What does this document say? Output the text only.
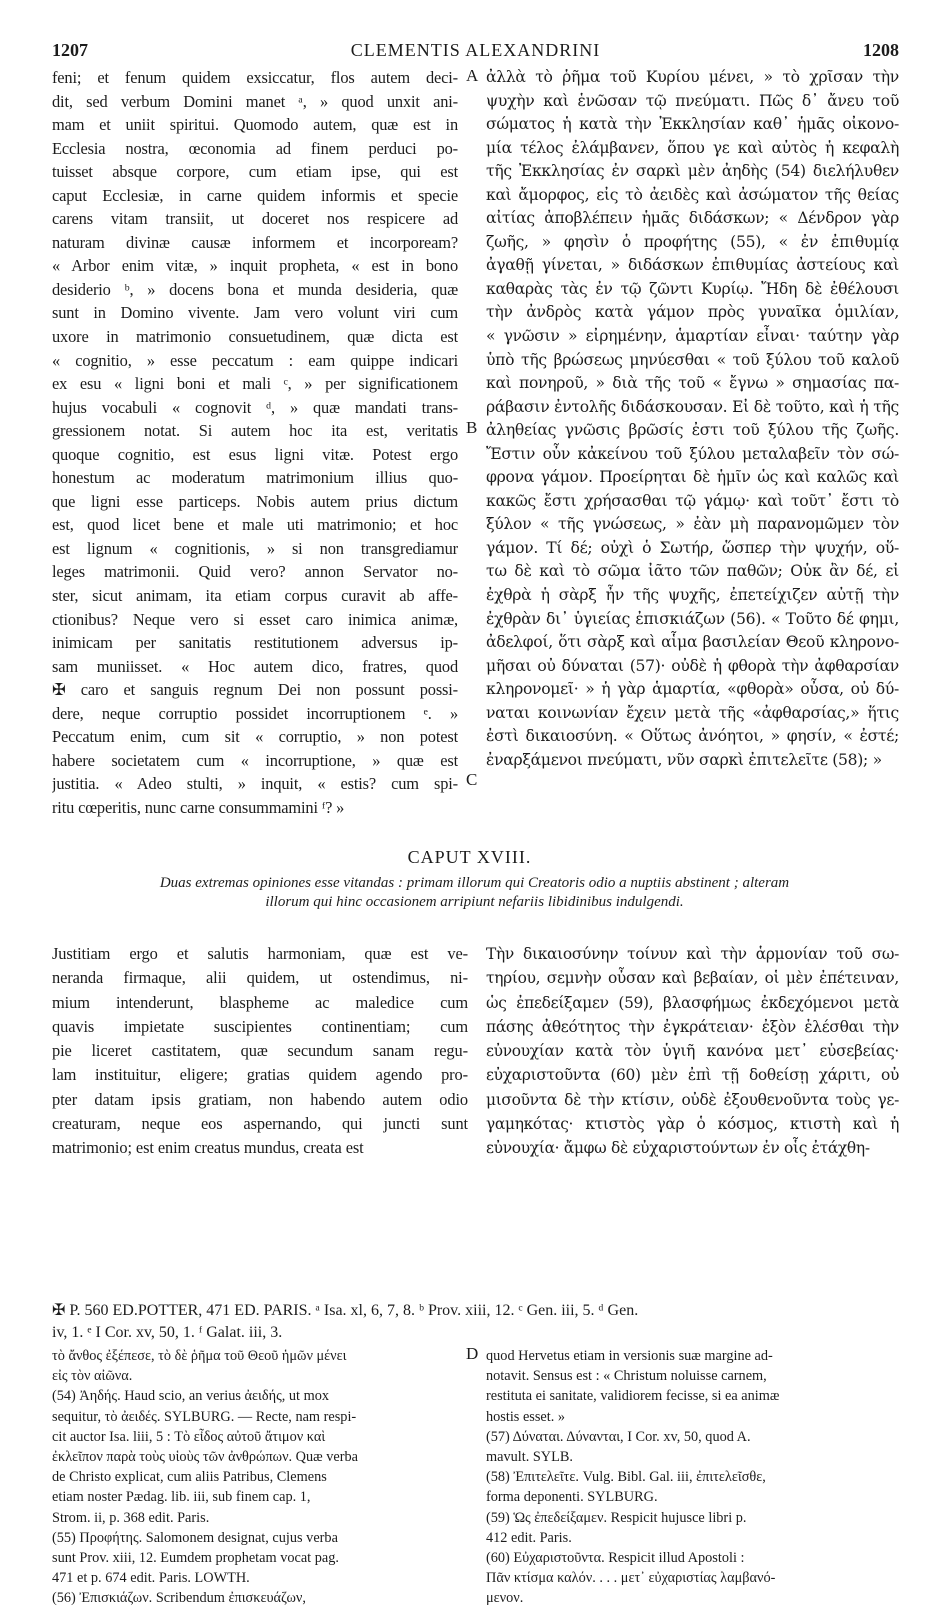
1207	CLEMENTIS ALEXANDRINI	1208
feni; et fenum quidem exsiccatur, flos autem deci-
dit, sed verbum Domini manet ᵃ, » quod unxit ani-
mam et uniit spiritui. Quomodo autem, quæ est in
Ecclesia nostra, œconomia ad finem perduci po-
tuisset absque corpore, cum etiam ipse, qui est
caput Ecclesiæ, in carne quidem informis et specie
carens vitam transiit, ut doceret nos respicere ad
naturam divinæ causæ informem et incorpoream?
« Arbor enim vitæ, » inquit propheta, « est in bono
desiderio ᵇ, » docens bona et munda desideria, quæ
sunt in Domino vivente. Jam vero volunt viri cum
uxore in matrimonio consuetudinem, quæ dicta est
« cognitio, » esse peccatum : eam quippe indicari
ex esu « ligni boni et mali ᶜ, » per significationem
hujus vocabuli « cognovit ᵈ, » quæ mandati trans-
gressionem notat. Si autem hoc ita est, veritatis
quoque cognitio, est esus ligni vitæ. Potest ergo
honestum ac moderatum matrimonium illius quo-
que ligni esse particeps. Nobis autem prius dictum
est, quod licet bene et male uti matrimonio; et hoc
est lignum « cognitionis, » si non transgrediamur
leges matrimonii. Quid vero? annon Servator no-
ster, sicut animam, ita etiam corpus curavit ab affe-
ctionibus? Neque vero si esset caro inimica animæ,
inimicam per sanitatis restitutionem adversus ip-
sam muniisset. « Hoc autem dico, fratres, quod
✠ caro et sanguis regnum Dei non possunt possi-
dere, neque corruptio possidet incorruptionem ᵉ. »
Peccatum enim, cum sit « corruptio, » non potest
habere societatem cum « incorruptione, » quæ est
justitia. « Adeo stulti, » inquit, « estis? cum spi-
ritu cœperitis, nunc carne consummamini ᶠ? »
ἀλλὰ τὸ ῥῆμα τοῦ Κυρίου μένει, » τὸ χρῖσαν τὴν
ψυχὴν καὶ ἑνῶσαν τῷ πνεύματι. Πῶς δ᾽ ἄνευ τοῦ
σώματος ἡ κατὰ τὴν Ἐκκλησίαν καθ᾽ ἡμᾶς οἰκονο-
μία τέλος ἐλάμβανεν, ὅπου γε καὶ αὐτὸς ἡ κεφαλὴ
τῆς Ἐκκλησίας ἐν σαρκὶ μὲν ἀηδὴς (54) διελήλυθεν
καὶ ἄμορφος, εἰς τὸ ἀειδὲς καὶ ἀσώματον τῆς θείας
αἰτίας ἀποβλέπειν ἡμᾶς διδάσκων; « Δένδρον γὰρ
ζωῆς, » φησὶν ὁ προφήτης (55), « ἐν ἐπιθυμίᾳ
ἀγαθῇ γίνεται, » διδάσκων ἐπιθυμίας ἀστείους καὶ
καθαρὰς τὰς ἐν τῷ ζῶντι Κυρίῳ. Ἤδη δὲ ἐθέλουσι
τὴν ἀνδρὸς κατὰ γάμον πρὸς γυναῖκα ὁμιλίαν,
« γνῶσιν » εἰρημένην, ἁμαρτίαν εἶναι· ταύτην γὰρ
ὑπὸ τῆς βρώσεως μηνύεσθαι « τοῦ ξύλου τοῦ καλοῦ
καὶ πονηροῦ, » διὰ τῆς τοῦ « ἔγνω » σημασίας πα-
ράβασιν ἐντολῆς διδάσκουσαν. Εἰ δὲ τοῦτο, καὶ ἡ τῆς
ἀληθείας γνῶσις βρῶσίς ἐστι τοῦ ξύλου τῆς ζωῆς.
Ἔστιν οὖν κἀκείνου τοῦ ξύλου μεταλαβεῖν τὸν σώ-
φρονα γάμον. Προείρηται δὲ ἡμῖν ὡς καὶ καλῶς καὶ
κακῶς ἔστι χρήσασθαι τῷ γάμῳ· καὶ τοῦτ᾽ ἔστι τὸ
ξύλον « τῆς γνώσεως, » ἐὰν μὴ παρανομῶμεν τὸν
γάμον. Τί δέ; οὐχὶ ὁ Σωτήρ, ὥσπερ τὴν ψυχήν, οὕ-
τω δὲ καὶ τὸ σῶμα ἰᾶτο τῶν παθῶν; Οὐκ ἂν δέ, εἰ
ἐχθρὰ ἡ σὰρξ ἦν τῆς ψυχῆς, ἐπετείχιζεν αὐτῇ τὴν
ἐχθρὰν δι᾽ ὑγιείας ἐπισκιάζων (56). « Τοῦτο δέ φημι,
ἀδελφοί, ὅτι σὰρξ καὶ αἷμα βασιλείαν Θεοῦ κληρονο-
μῆσαι οὐ δύναται (57)· οὐδὲ ἡ φθορὰ τὴν ἀφθαρσίαν
κληρονομεῖ· » ἡ γὰρ ἁμαρτία, «φθορὰ» οὖσα, οὐ δύ-
ναται κοινωνίαν ἔχειν μετὰ τῆς «ἀφθαρσίας,» ἥτις
ἐστὶ δικαιοσύνη. « Οὕτως ἀνόητοι, » φησίν, « ἐστέ;
ἐναρξάμενοι πνεύματι, νῦν σαρκὶ ἐπιτελεῖτε (58); »
A
B
C
CAPUT XVIII.
Duas extremas opiniones esse vitandas : primam illorum qui Creatoris odio a nuptiis abstinent ; alteram
illorum qui hinc occasionem arripiunt nefariis libidinibus indulgendi.
Justitiam ergo et salutis harmoniam, quæ est ve-
neranda firmaque, alii quidem, ut ostendimus, ni-
mium intenderunt, blaspheme ac maledice cum
quavis impietate suscipientes continentiam; cum
pie liceret castitatem, quæ secundum sanam regu-
lam instituitur, eligere; gratias quidem agendo pro-
pter datam ipsis gratiam, non habendo autem odio
creaturam, neque eos aspernando, qui juncti sunt
matrimonio; est enim creatus mundus, creata est
Τὴν δικαιοσύνην τοίνυν καὶ τὴν ἁρμονίαν τοῦ σω-
τηρίου, σεμνὴν οὖσαν καὶ βεβαίαν, οἱ μὲν ἐπέτειναν,
ὡς ἐπεδείξαμεν (59), βλασφήμως ἐκδεχόμενοι μετὰ
πάσης ἀθεότητος τὴν ἐγκράτειαν· ἐξὸν ἑλέσθαι τὴν
εὐνουχίαν κατὰ τὸν ὑγιῆ κανόνα μετ᾽ εὐσεβείας·
εὐχαριστοῦντα (60) μὲν ἐπὶ τῇ δοθείσῃ χάριτι, οὐ
μισοῦντα δὲ τὴν κτίσιν, οὐδὲ ἐξουθενοῦντα τοὺς γε-
γαμηκότας· κτιστὸς γὰρ ὁ κόσμος, κτιστὴ καὶ ἡ
εὐνουχία· ἄμφω δὲ εὐχαριστούντων ἐν οἷς ἐτάχθη-
✠ P. 560 ED.POTTER, 471 ED. PARIS. ᵃ Isa. xl, 6, 7, 8. ᵇ Prov. xiii, 12. ᶜ Gen. iii, 5. ᵈ Gen.
iv, 1. ᵉ I Cor. xv, 50, 1. ᶠ Galat. iii, 3.
τὸ ἄνθος ἐξέπεσε, τὸ δὲ ῥῆμα τοῦ Θεοῦ ἡμῶν μένει
εἰς τὸν αἰῶνα.
(54) Ἀηδής. Haud scio, an verius ἀειδής, ut mox
sequitur, τὸ ἀειδές. SYLBURG. — Recte, nam respi-
cit auctor Isa. liii, 5 : Τὸ εἶδος αὐτοῦ ἄτιμον καὶ
ἐκλεῖπον παρὰ τοὺς υἱοὺς τῶν ἀνθρώπων. Quæ verba
de Christo explicat, cum aliis Patribus, Clemens
etiam noster Pædag. lib. iii, sub finem cap. 1,
Strom. ii, p. 368 edit. Paris.
(55) Προφήτης. Salomonem designat, cujus verba
sunt Prov. xiii, 12. Eumdem prophetam vocat pag.
471 et p. 674 edit. Paris. LOWTH.
(56) Ἐπισκιάζων. Scribendum ἐπισκευάζων,
D quod Hervetus etiam in versionis suæ margine ad-
notavit. Sensus est : « Christum noluisse carnem,
restituta ei sanitate, validiorem fecisse, si ea animæ
hostis esset. »
(57) Δύναται. Δύνανται, I Cor. xv, 50, quod A.
mavult. SYLB.
(58) Ἐπιτελεῖτε. Vulg. Bibl. Gal. iii, ἐπιτελεῖσθε,
forma deponenti. SYLBURG.
(59) Ὡς ἐπεδείξαμεν. Respicit hujusce libri p.
412 edit. Paris.
(60) Εὐχαριστοῦντα. Respicit illud Apostoli :
Πᾶν κτίσμα καλόν. . . . μετ᾽ εὐχαριστίας λαμβανό-
μενον.
